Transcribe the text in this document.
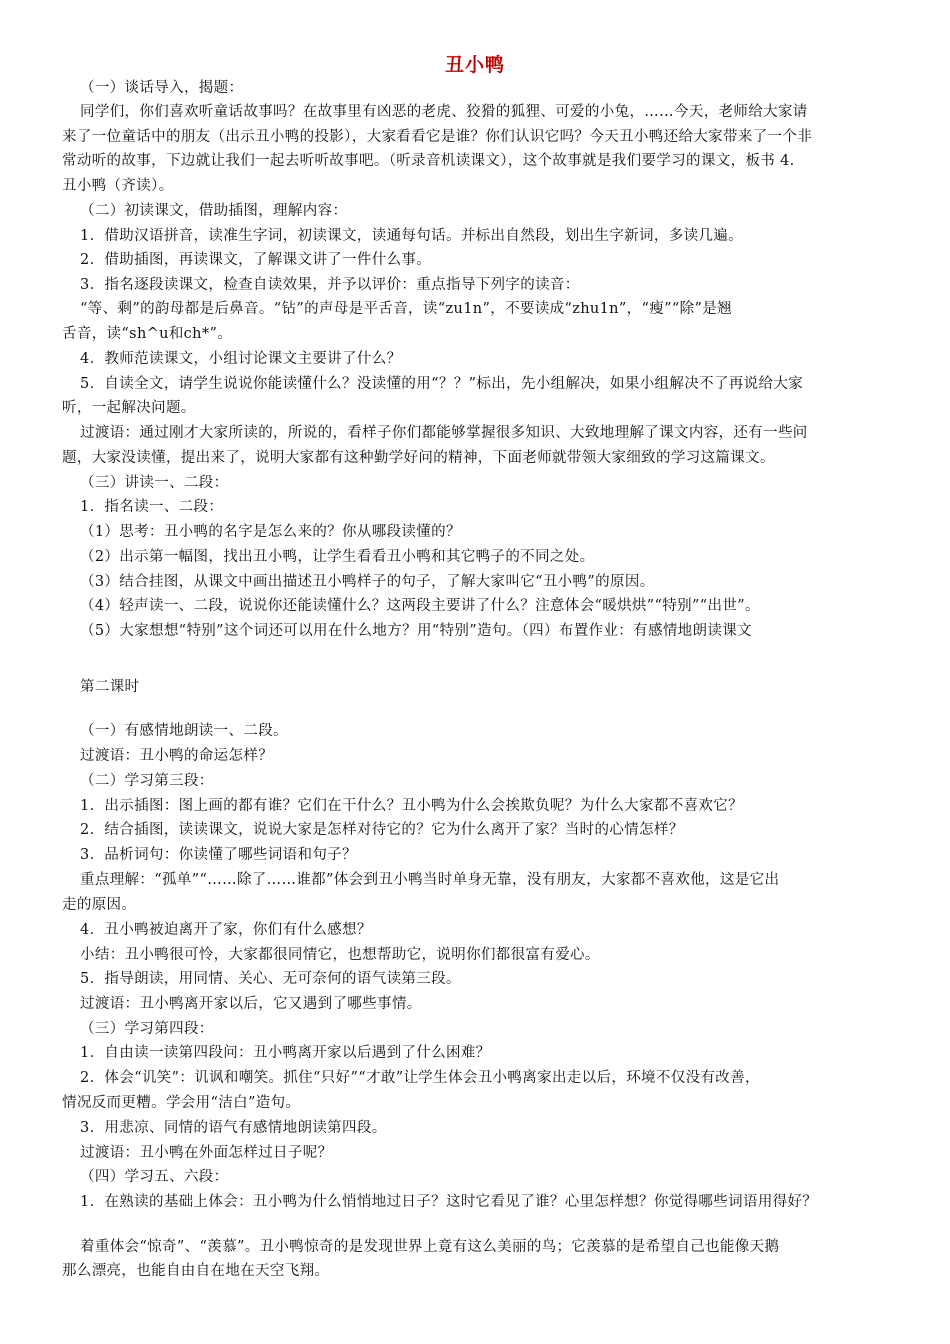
丑小鸭
（一）谈话导入，揭题：
同学们，你们喜欢听童话故事吗？在故事里有凶恶的老虎、狡猾的狐狸、可爱的小兔，……今天，老师给大家请
来了一位童话中的朋友（出示丑小鸭的投影），大家看看它是谁？你们认识它吗？今天丑小鸭还给大家带来了一个非
常动听的故事，下边就让我们一起去听听故事吧。（听录音机读课文），这个故事就是我们要学习的课文，板书 4.
丑小鸭（齐读）。
（二）初读课文，借助插图，理解内容：
1．借助汉语拼音，读准生字词，初读课文，读通每句话。并标出自然段，划出生字新词，多读几遍。
2．借助插图，再读课文，了解课文讲了一件什么事。
3．指名逐段读课文，检查自读效果，并予以评价：重点指导下列字的读音：
“等、剩”的韵母都是后鼻音。“钻”的声母是平舌音，读“zu1n”，不要读成“zhu1n”，“瘦”“除”是翘
舌音，读“sh^u和ch*”。
4．教师范读课文，小组讨论课文主要讲了什么？
5．自读全文，请学生说说你能读懂什么？没读懂的用“？？”标出，先小组解决，如果小组解决不了再说给大家
听，一起解决问题。
过渡语：通过刚才大家所读的，所说的，看样子你们都能够掌握很多知识、大致地理解了课文内容，还有一些问
题，大家没读懂，提出来了，说明大家都有这种勤学好问的精神，下面老师就带领大家细致的学习这篇课文。
（三）讲读一、二段：
1．指名读一、二段：
（1）思考：丑小鸭的名字是怎么来的？你从哪段读懂的？
（2）出示第一幅图，找出丑小鸭，让学生看看丑小鸭和其它鸭子的不同之处。
（3）结合挂图，从课文中画出描述丑小鸭样子的句子，了解大家叫它“丑小鸭”的原因。
（4）轻声读一、二段，说说你还能读懂什么？这两段主要讲了什么？注意体会“暖烘烘”“特别”“出世”。
（5）大家想想“特别”这个词还可以用在什么地方？用“特别”造句。（四）布置作业：有感情地朗读课文
第二课时
（一）有感情地朗读一、二段。
过渡语：丑小鸭的命运怎样？
（二）学习第三段：
1．出示插图：图上画的都有谁？它们在干什么？丑小鸭为什么会挨欺负呢？为什么大家都不喜欢它？
2．结合插图，读读课文，说说大家是怎样对待它的？它为什么离开了家？当时的心情怎样？
3．品析词句：你读懂了哪些词语和句子？
重点理解：“孤单”“……除了……谁都”体会到丑小鸭当时单身无靠，没有朋友，大家都不喜欢他，这是它出
走的原因。
4．丑小鸭被迫离开了家，你们有什么感想？
小结：丑小鸭很可怜，大家都很同情它，也想帮助它，说明你们都很富有爱心。
5．指导朗读，用同情、关心、无可奈何的语气读第三段。
过渡语：丑小鸭离开家以后，它又遇到了哪些事情。
（三）学习第四段：
1．自由读一读第四段问：丑小鸭离开家以后遇到了什么困难？
2．体会“讥笑”：讥讽和嘲笑。抓住“只好”“才敢”让学生体会丑小鸭离家出走以后，环境不仅没有改善，
情况反而更糟。学会用“洁白”造句。
3．用悲凉、同情的语气有感情地朗读第四段。
过渡语：丑小鸭在外面怎样过日子呢？
（四）学习五、六段：
1．在熟读的基础上体会：丑小鸭为什么悄悄地过日子？这时它看见了谁？心里怎样想？你觉得哪些词语用得好？
着重体会“惊奇”、“羡慕”。丑小鸭惊奇的是发现世界上竟有这么美丽的鸟；它羡慕的是希望自己也能像天鹅
那么漂亮，也能自由自在地在天空飞翔。
